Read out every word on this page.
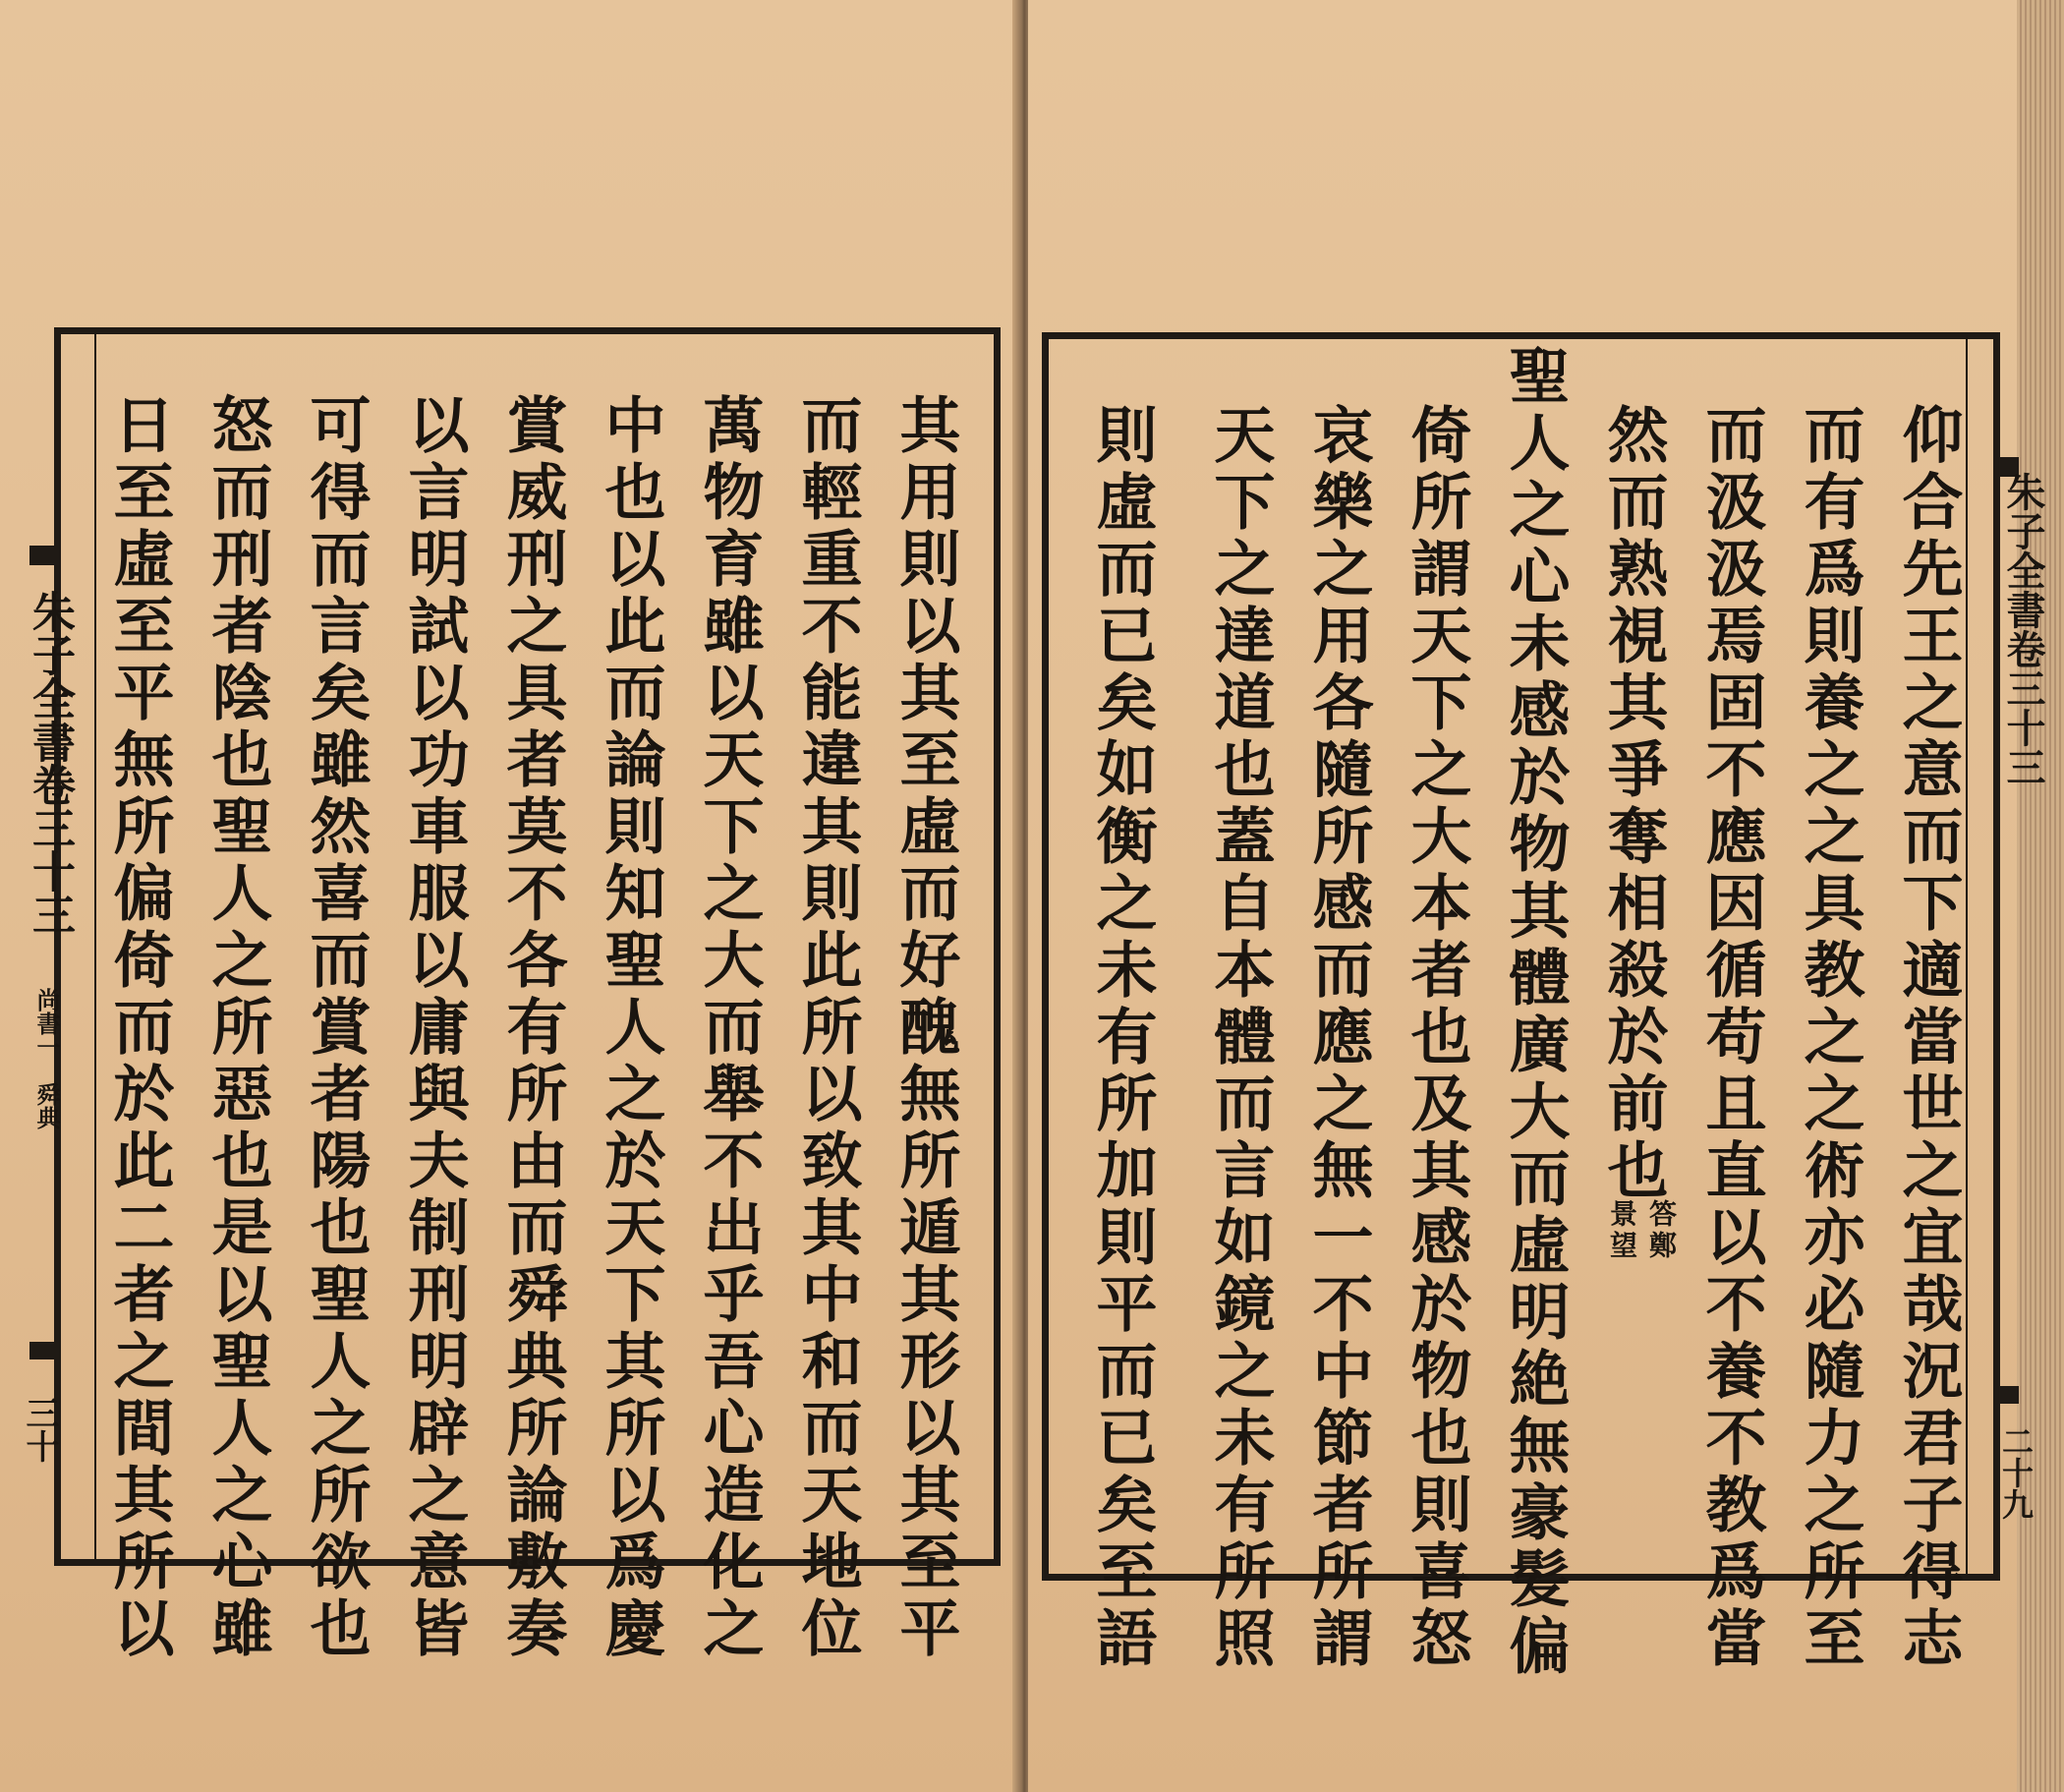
其用則以其至虛而好醜無所遁其形以其至平
而輕重不能違其則此所以致其中和而天地位
萬物育雖以天下之大而舉不出乎吾心造化之
中也以此而論則知聖人之於天下其所以爲慶
賞威刑之具者莫不各有所由而舜典所論敷奏
以言明試以功車服以庸與夫制刑明辟之意皆
可得而言矣雖然喜而賞者陽也聖人之所欲也
怒而刑者陰也聖人之所惡也是以聖人之心雖
日至虛至平無所偏倚而於此二者之間其所以
朱子全書卷三十三
尚書一　舜典
三十	仰合先王之意而下適當世之宜哉況君子得志
而有爲則養之之具教之之術亦必隨力之所至
而汲汲焉固不應因循苟且直以不養不教爲當
然而熟視其爭奪相殺於前也
答鄭
景望
聖人之心未感於物其體廣大而虛明絶無豪髪偏
倚所謂天下之大本者也及其感於物也則喜怒
哀樂之用各隨所感而應之無一不中節者所謂
天下之達道也蓋自本體而言如鏡之未有所照
則虛而已矣如衡之未有所加則平而已矣至語	朱子全書卷三十三
二十九
